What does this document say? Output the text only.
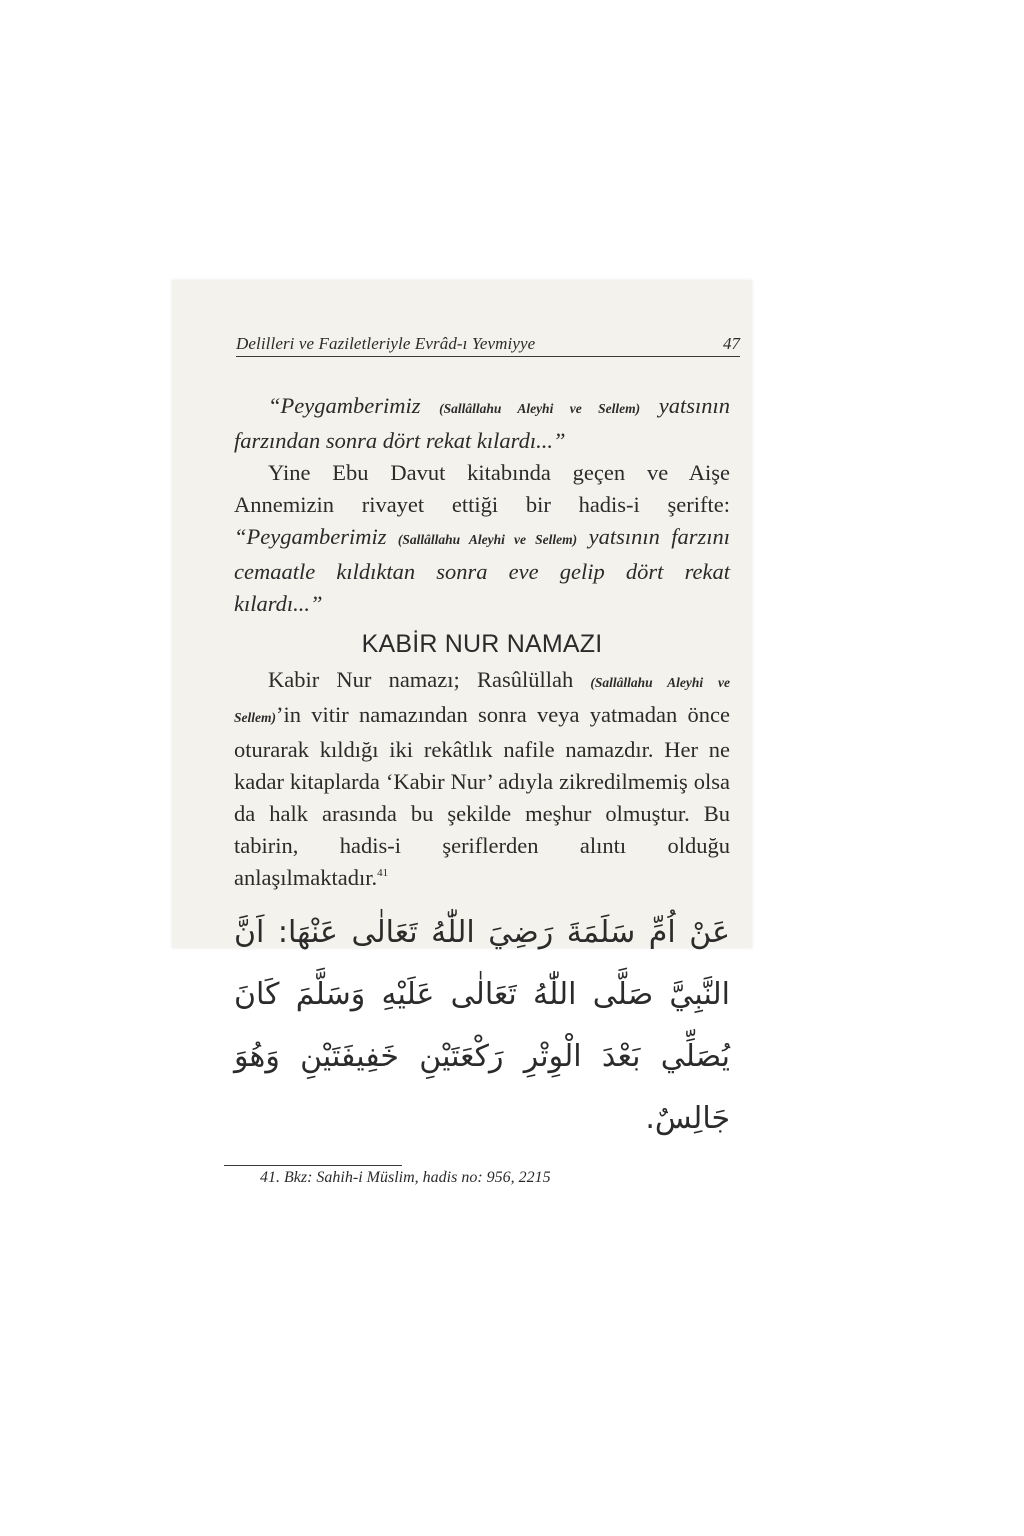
Delilleri ve Faziletleriyle Evrâd-ı Yevmiyye	47

“Peygamberimiz (Sallâllahu Aleyhi ve Sellem) yatsının farzından sonra dört rekat kılardı...”

Yine Ebu Davut kitabında geçen ve Aişe Annemizin rivayet ettiği bir hadis-i şerifte: “Peygamberimiz (Sallâllahu Aleyhi ve Sellem) yatsının farzını cemaatle kıldıktan sonra eve gelip dört rekat kılardı...”

KABİR NUR NAMAZI

Kabir Nur namazı; Rasûlüllah (Sallâllahu Aleyhi ve Sellem)’in vitir namazından sonra veya yatmadan önce oturarak kıldığı iki rekâtlık nafile namazdır. Her ne kadar kitaplarda ‘Kabir Nur’ adıyla zikredilmemiş olsa da halk arasında bu şekilde meşhur olmuştur. Bu tabirin, hadis-i şeriflerden alıntı olduğu anlaşılmaktadır.$^{41}$

عَنْ اُمِّ سَلَمَةَ رَضِيَ اللّٰهُ تَعَالٰى عَنْهَا: اَنَّ النَّبِيَّ صَلَّى اللّٰهُ تَعَالٰى عَلَيْهِ وَسَلَّمَ كَانَ يُصَلِّي بَعْدَ الْوِتْرِ رَكْعَتَيْنِ خَفِيفَتَيْنِ وَهُوَ جَالِسٌ.

41. Bkz: Sahih-i Müslim, hadis no: 956, 2215
